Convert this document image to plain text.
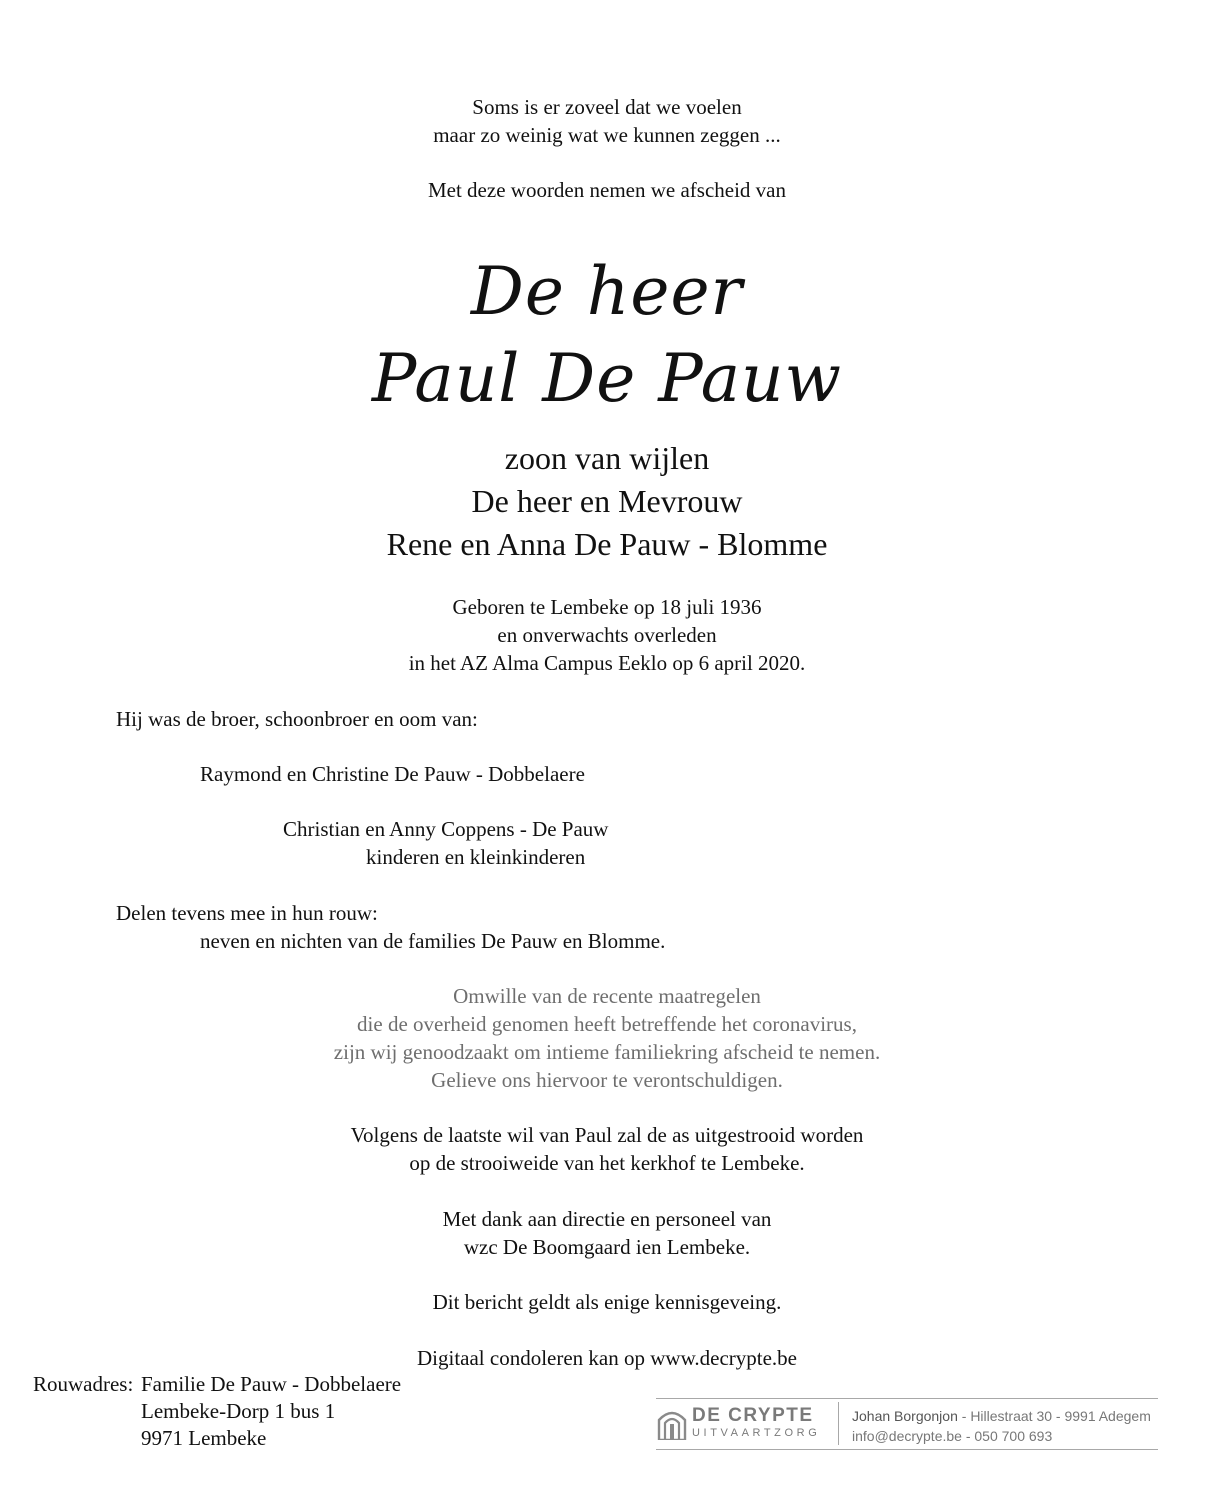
Soms is er zoveel dat we voelen
maar zo weinig wat we kunnen zeggen ...
Met deze woorden nemen we afscheid van
De heer
Paul De Pauw
zoon van wijlen
De heer en Mevrouw
Rene en Anna De Pauw - Blomme
Geboren te Lembeke op 18 juli 1936
en onverwachts overleden
in het AZ Alma Campus Eeklo op 6 april 2020.
Hij was de broer, schoonbroer en oom van:
Raymond en Christine De Pauw - Dobbelaere
Christian en Anny Coppens - De Pauw
kinderen en kleinkinderen
Delen tevens mee in hun rouw:
neven en nichten van de families De Pauw en Blomme.
Omwille van de recente maatregelen
die de overheid genomen heeft betreffende het coronavirus,
zijn wij genoodzaakt om intieme familiekring afscheid te nemen.
Gelieve ons hiervoor te verontschuldigen.
Volgens de laatste wil van Paul zal de as uitgestrooid worden
op de strooiweide van het kerkhof te Lembeke.
Met dank aan directie en personeel van
wzc De Boomgaard ien Lembeke.
Dit bericht geldt als enige kennisgeveing.
Digitaal condoleren kan op www.decrypte.be
Rouwadres: Familie De Pauw - Dobbelaere
Lembeke-Dorp 1 bus 1
9971 Lembeke
DE CRYPTE
UITVAARTZORG
Johan Borgonjon - Hillestraat 30 - 9991 Adegem
info@decrypte.be - 050 700 693
